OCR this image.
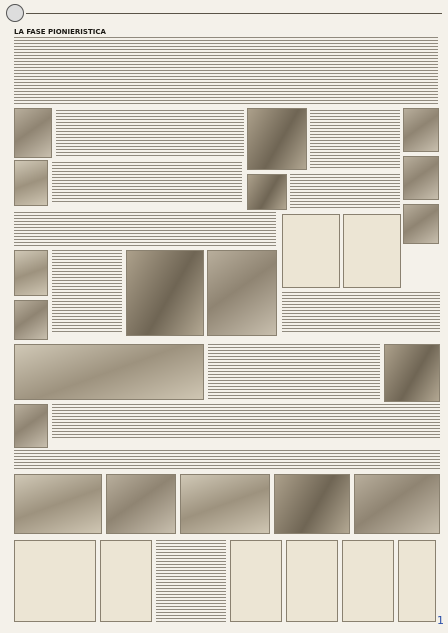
LA FASE PIONIERISTICA
1
